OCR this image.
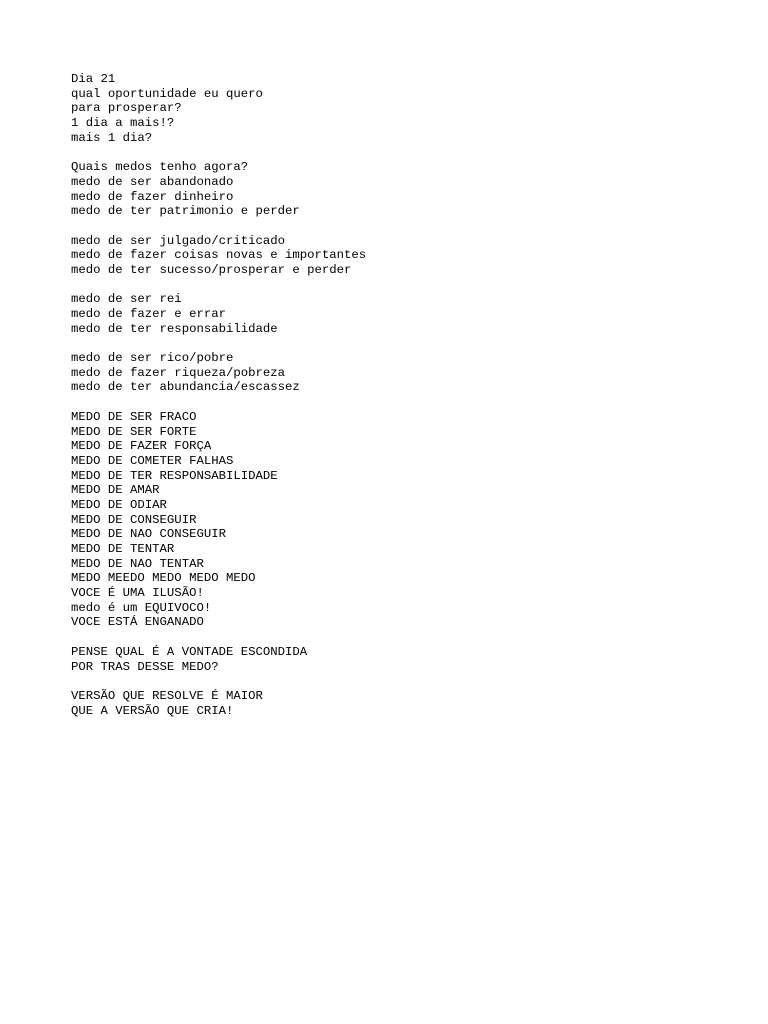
Dia 21
qual oportunidade eu quero
para prosperar?
1 dia a mais!?
mais 1 dia?
Quais medos tenho agora?
medo de ser abandonado
medo de fazer dinheiro
medo de ter patrimonio e perder
medo de ser julgado/criticado
medo de fazer coisas novas e importantes
medo de ter sucesso/prosperar e perder
medo de ser rei
medo de fazer e errar
medo de ter responsabilidade
medo de ser rico/pobre
medo de fazer riqueza/pobreza
medo de ter abundancia/escassez
MEDO DE SER FRACO
MEDO DE SER FORTE
MEDO DE FAZER FORÇA
MEDO DE COMETER FALHAS
MEDO DE TER RESPONSABILIDADE
MEDO DE AMAR
MEDO DE ODIAR
MEDO DE CONSEGUIR
MEDO DE NAO CONSEGUIR
MEDO DE TENTAR
MEDO DE NAO TENTAR
MEDO MEEDO MEDO MEDO MEDO
VOCE É UMA ILUSÃO!
medo é um EQUIVOCO!
VOCE ESTÁ ENGANADO
PENSE QUAL É A VONTADE ESCONDIDA
POR TRAS DESSE MEDO?
VERSÃO QUE RESOLVE É MAIOR
QUE A VERSÃO QUE CRIA!
